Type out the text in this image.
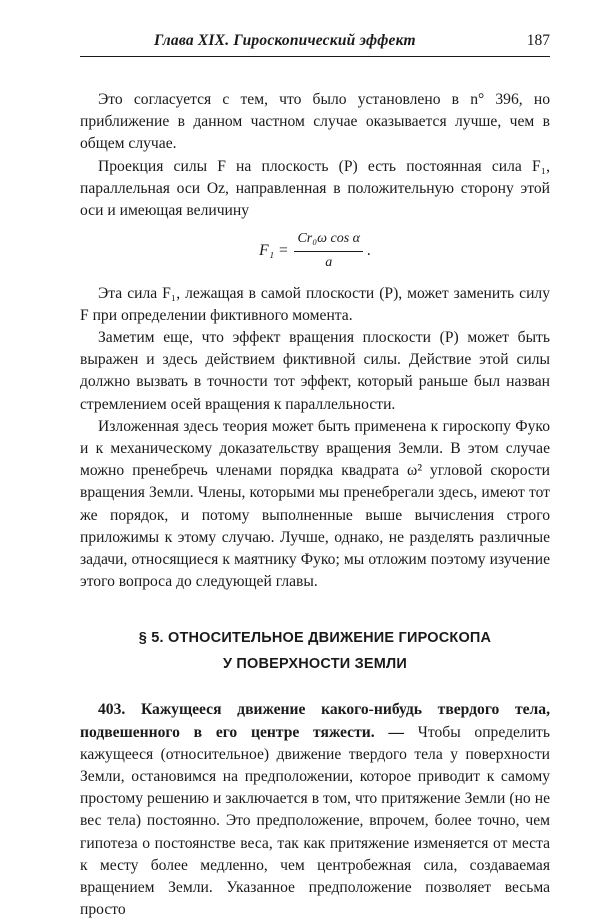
Глава XIX. Гироскопический эффект	187

Это согласуется с тем, что было установлено в n° 396, но приближение в данном частном случае оказывается лучше, чем в общем случае.

Проекция силы F на плоскость (P) есть постоянная сила F₁, параллельная оси Oz, направленная в положительную сторону этой оси и имеющая величину

$F_1 = \frac{\text{Cr₀ω cos α}}{a}$ .

Эта сила F₁, лежащая в самой плоскости (P), может заменить силу F при определении фиктивного момента.

Заметим еще, что эффект вращения плоскости (P) может быть выражен и здесь действием фиктивной силы. Действие этой силы должно вызвать в точности тот эффект, который раньше был назван стремлением осей вращения к параллельности.

Изложенная здесь теория может быть применена к гироскопу Фуко и к механическому доказательству вращения Земли. В этом случае можно пренебречь членами порядка квадрата ω² угловой скорости вращения Земли. Члены, которыми мы пренебрегали здесь, имеют тот же порядок, и потому выполненные выше вычисления строго приложимы к этому случаю. Лучше, однако, не разделять различные задачи, относящиеся к маятнику Фуко; мы отложим поэтому изучение этого вопроса до следующей главы.

§ 5. ОТНОСИТЕЛЬНОЕ ДВИЖЕНИЕ ГИРОСКОПА
У ПОВЕРХНОСТИ ЗЕМЛИ

403. Кажущееся движение какого-нибудь твердого тела, подвешенного в его центре тяжести. — Чтобы определить кажущееся (относительное) движение твердого тела у поверхности Земли, остановимся на предположении, которое приводит к самому простому решению и заключается в том, что притяжение Земли (но не вес тела) постоянно. Это предположение, впрочем, более точно, чем гипотеза о постоянстве веса, так как притяжение изменяется от места к месту более медленно, чем центробежная сила, создаваемая вращением Земли. Указанное предположение позволяет весьма просто
